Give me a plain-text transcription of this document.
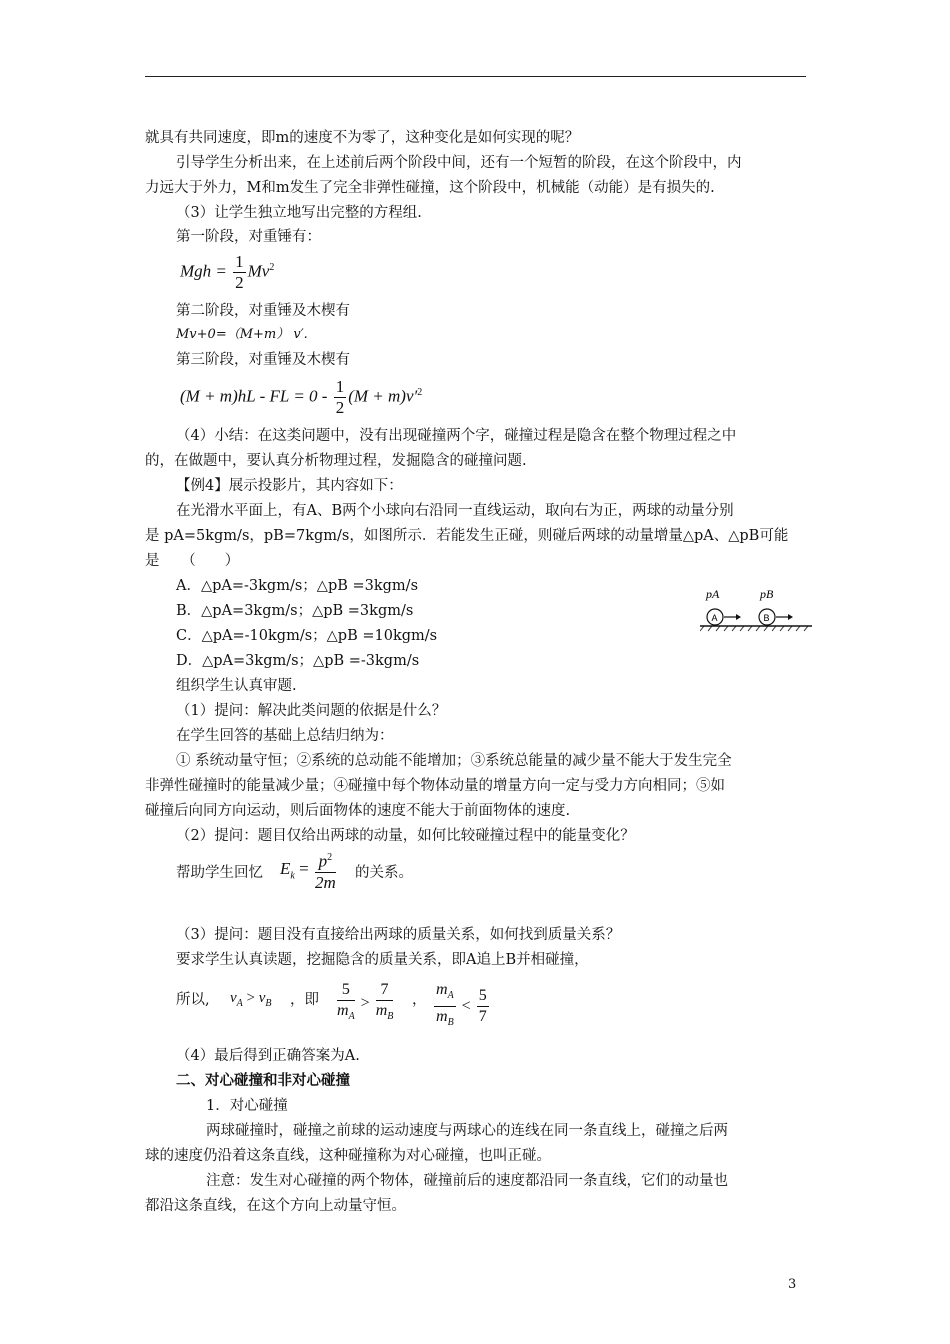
就具有共同速度，即m的速度不为零了，这种变化是如何实现的呢？
引导学生分析出来，在上述前后两个阶段中间，还有一个短暂的阶段，在这个阶段中，内
力远大于外力，M和m发生了完全非弹性碰撞，这个阶段中，机械能（动能）是有损失的.
（3）让学生独立地写出完整的方程组.
第一阶段，对重锤有：
Mgh = $\frac{1}{2} Mv^2$
第二阶段，对重锤及木楔有
Mv+0=（M+m） v′.
第三阶段，对重锤及木楔有
(M + m)hL - FL = $0 - \frac{1}{2} (M + m)v'^2$
（4）小结：在这类问题中，没有出现碰撞两个字，碰撞过程是隐含在整个物理过程之中
的，在做题中，要认真分析物理过程，发掘隐含的碰撞问题.
【例4】展示投影片，其内容如下：
在光滑水平面上，有A、B两个小球向右沿同一直线运动，取向右为正，两球的动量分别
是 pA=5kgm/s，pB=7kgm/s，如图所示．若能发生正碰，则碰后两球的动量增量△pA、△pB可能
是　　（　　）
A．△pA=-3kgm/s；△pB =3kgm/s
B．△pA=3kgm/s；△pB =3kgm/s
C．△pA=-10kgm/s；△pB =10kgm/s
D．△pA=3kgm/s；△pB =-3kgm/s
pA	pB
A	B
组织学生认真审题.
（1）提问：解决此类问题的依据是什么？
在学生回答的基础上总结归纳为：
① 系统动量守恒；②系统的总动能不能增加；③系统总能量的减少量不能大于发生完全
非弹性碰撞时的能量减少量；④碰撞中每个物体动量的增量方向一定与受力方向相同；⑤如
碰撞后向同方向运动，则后面物体的速度不能大于前面物体的速度.
（2）提问：题目仅给出两球的动量，如何比较碰撞过程中的能量变化？
帮助学生回忆 $E_k = \frac{p^2}{2m}$ 的关系。
（3）提问：题目没有直接给出两球的质量关系，如何找到质量关系？
要求学生认真读题，挖掘隐含的质量关系，即A追上B并相碰撞，
所以, $v_A > v_B$ ，即 $\frac{5}{m_A} > \frac{7}{m_B}$ ， $\frac{m_A}{m_B} < \frac{5}{7}$
（4）最后得到正确答案为A.
二、对心碰撞和非对心碰撞
1．对心碰撞
两球碰撞时，碰撞之前球的运动速度与两球心的连线在同一条直线上，碰撞之后两
球的速度仍沿着这条直线，这种碰撞称为对心碰撞，也叫正碰。
注意：发生对心碰撞的两个物体，碰撞前后的速度都沿同一条直线，它们的动量也
都沿这条直线，在这个方向上动量守恒。
3
